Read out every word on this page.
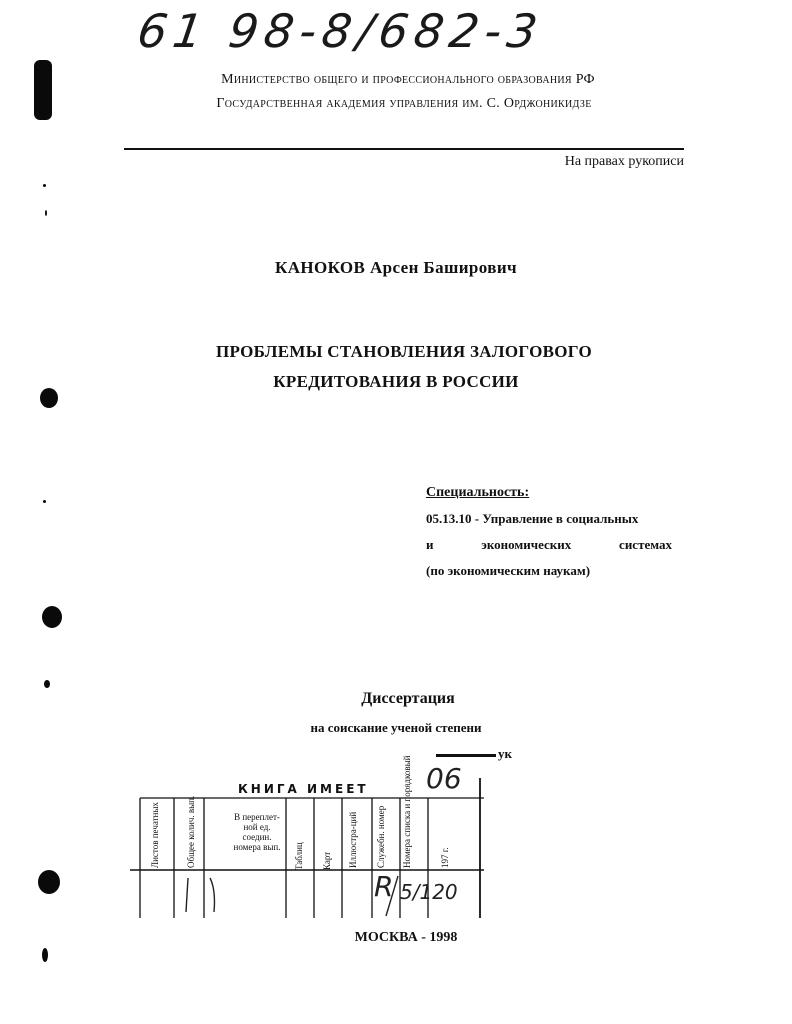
61 98-8/682-3
Министерство общего и профессионального образования РФ
Государственная академия управления им. С. Орджоникидзе
На правах рукописи
КАНОКОВ Арсен Баширович
ПРОБЛЕМЫ СТАНОВЛЕНИЯ ЗАЛОГОВОГО
КРЕДИТОВАНИЯ В РОССИИ
Специальность:
05.13.10 - Управление в социальных
и	экономических	системах
(по экономическим наукам)
Диссертация
на соискание ученой степени
ук
КНИГА ИМЕЕТ 06
Листов печатных	Общее колич. вып.	В переплет-ной ед. соедин. номера вып.	Таблиц Карт Иллюстра-ций Служебн. номер Номера списка и порядковый	197 г.
R 5/120
МОСКВА - 1998
